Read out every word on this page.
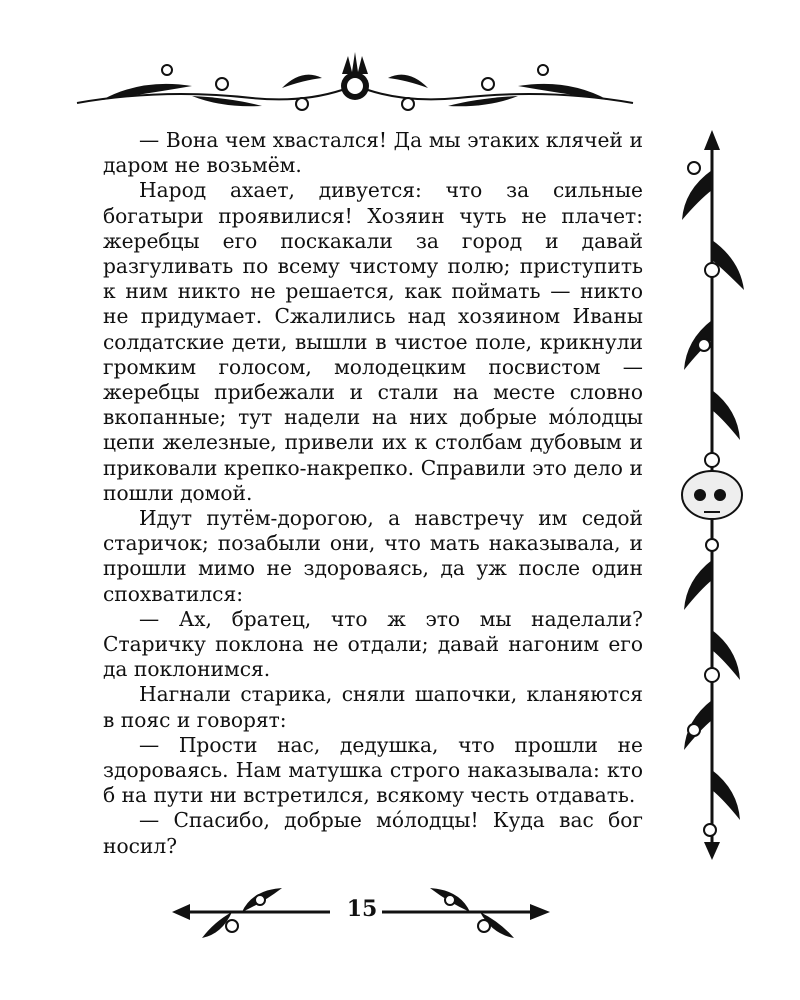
— Вона чем хвастался! Да мы этаких клячей и даром не возьмём.

Народ ахает, дивуется: что за сильные богатыри проявилися! Хозяин чуть не плачет: жеребцы его поскакали за город и давай разгуливать по всему чистому полю; приступить к ним никто не решается, как поймать — никто не придумает. Сжалились над хозяином Иваны солдатские дети, вышли в чистое поле, крикнули громким голосом, молодецким посвистом — жеребцы прибежали и стали на месте словно вкопанные; тут надели на них добрые мóлодцы цепи железные, привели их к столбам дубовым и приковали крепко-накрепко. Справили это дело и пошли домой.

Идут путём-дорогою, а навстречу им седой старичок; позабыли они, что мать наказывала, и прошли мимо не здороваясь, да уж после один спохватился:

— Ах, братец, что ж это мы наделали? Старичку поклона не отдали; давай нагоним его да поклонимся.

Нагнали старика, сняли шапочки, кланяются в пояс и говорят:

— Прости нас, дедушка, что прошли не здороваясь. Нам матушка строго наказывала: кто б на пути ни встретился, всякому честь отдавать.

— Спасибо, добрые мóлодцы! Куда вас бог носил?

15
